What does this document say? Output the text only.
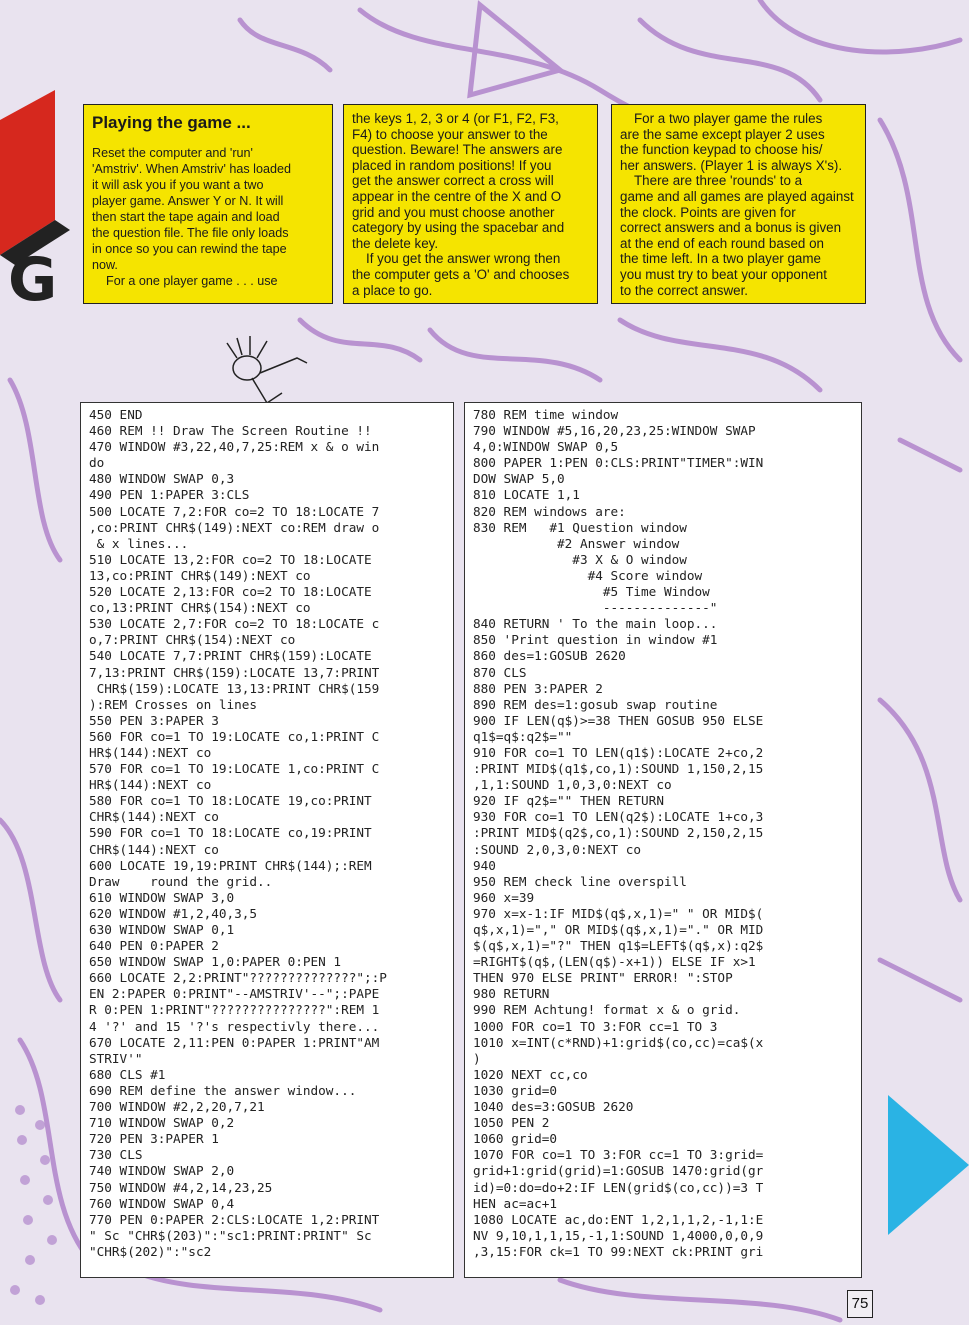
G

Playing the game ...

Reset the computer and 'run'

'Amstriv'. When Amstriv' has loaded

it will ask you if you want a two

player game. Answer Y or N. It will

then start the tape again and load

the question file. The file only loads

in once so you can rewind the tape

now.

For a one player game . . . use

the keys 1, 2, 3 or 4 (or F1, F2, F3,

F4) to choose your answer to the

question. Beware! The answers are

placed in random positions! If you

get the answer correct a cross will

appear in the centre of the X and O

grid and you must choose another

category by using the spacebar and

the delete key.

If you get the answer wrong then

the computer gets a 'O' and chooses

a place to go.

For a two player game the rules

are the same except player 2 uses

the function keypad to choose his/

her answers. (Player 1 is always X's).

There are three 'rounds' to a

game and all games are played against

the clock. Points are given for

correct answers and a bonus is given

at the end of each round based on

the time left. In a two player game

you must try to beat your opponent

to the correct answer.

450 END
460 REM !! Draw The Screen Routine !!
470 WINDOW #3,22,40,7,25:REM x & o win
do
480 WINDOW SWAP 0,3
490 PEN 1:PAPER 3:CLS
500 LOCATE 7,2:FOR co=2 TO 18:LOCATE 7
,co:PRINT CHR$(149):NEXT co:REM draw o
& x lines...
510 LOCATE 13,2:FOR co=2 TO 18:LOCATE
13,co:PRINT CHR$(149):NEXT co
520 LOCATE 2,13:FOR co=2 TO 18:LOCATE
co,13:PRINT CHR$(154):NEXT co
530 LOCATE 2,7:FOR co=2 TO 18:LOCATE c
o,7:PRINT CHR$(154):NEXT co
540 LOCATE 7,7:PRINT CHR$(159):LOCATE
7,13:PRINT CHR$(159):LOCATE 13,7:PRINT
CHR$(159):LOCATE 13,13:PRINT CHR$(159
):REM Crosses on lines
550 PEN 3:PAPER 3
560 FOR co=1 TO 19:LOCATE co,1:PRINT C
HR$(144):NEXT co
570 FOR co=1 TO 19:LOCATE 1,co:PRINT C
HR$(144):NEXT co
580 FOR co=1 TO 18:LOCATE 19,co:PRINT
CHR$(144):NEXT co
590 FOR co=1 TO 18:LOCATE co,19:PRINT
CHR$(144):NEXT co
600 LOCATE 19,19:PRINT CHR$(144);:REM
Draw    round the grid..
610 WINDOW SWAP 3,0
620 WINDOW #1,2,40,3,5
630 WINDOW SWAP 0,1
640 PEN 0:PAPER 2
650 WINDOW SWAP 1,0:PAPER 0:PEN 1
660 LOCATE 2,2:PRINT"??????????????";:P
EN 2:PAPER 0:PRINT"--AMSTRIV'--";:PAPE
R 0:PEN 1:PRINT"???????????????":REM 1
4 '?' and 15 '?'s respectivly there...
670 LOCATE 2,11:PEN 0:PAPER 1:PRINT"AM
STRIV'"
680 CLS #1
690 REM define the answer window...
700 WINDOW #2,2,20,7,21
710 WINDOW SWAP 0,2
720 PEN 3:PAPER 1
730 CLS
740 WINDOW SWAP 2,0
750 WINDOW #4,2,14,23,25
760 WINDOW SWAP 0,4
770 PEN 0:PAPER 2:CLS:LOCATE 1,2:PRINT
" Sc "CHR$(203)":"sc1:PRINT:PRINT" Sc
"CHR$(202)":"sc2
780 REM time window
790 WINDOW #5,16,20,23,25:WINDOW SWAP
4,0:WINDOW SWAP 0,5
800 PAPER 1:PEN 0:CLS:PRINT"TIMER":WIN
DOW SWAP 5,0
810 LOCATE 1,1
820 REM windows are:
830 REM   #1 Question window
#2 Answer window
#3 X & O window
#4 Score window
#5 Time Window
--------------"
840 RETURN ' To the main loop...
850 'Print question in window #1
860 des=1:GOSUB 2620
870 CLS
880 PEN 3:PAPER 2
890 REM des=1:gosub swap routine
900 IF LEN(q$)>=38 THEN GOSUB 950 ELSE
q1$=q$:q2$=""
910 FOR co=1 TO LEN(q1$):LOCATE 2+co,2
:PRINT MID$(q1$,co,1):SOUND 1,150,2,15
,1,1:SOUND 1,0,3,0:NEXT co
920 IF q2$="" THEN RETURN
930 FOR co=1 TO LEN(q2$):LOCATE 1+co,3
:PRINT MID$(q2$,co,1):SOUND 2,150,2,15
:SOUND 2,0,3,0:NEXT co
940
950 REM check line overspill
960 x=39
970 x=x-1:IF MID$(q$,x,1)=" " OR MID$(
q$,x,1)="," OR MID$(q$,x,1)="." OR MID
$(q$,x,1)="?" THEN q1$=LEFT$(q$,x):q2$
=RIGHT$(q$,(LEN(q$)-x+1)) ELSE IF x>1
THEN 970 ELSE PRINT" ERROR! ":STOP
980 RETURN
990 REM Achtung! format x & o grid.
1000 FOR co=1 TO 3:FOR cc=1 TO 3
1010 x=INT(c*RND)+1:grid$(co,cc)=ca$(x
)
1020 NEXT cc,co
1030 grid=0
1040 des=3:GOSUB 2620
1050 PEN 2
1060 grid=0
1070 FOR co=1 TO 3:FOR cc=1 TO 3:grid=
grid+1:grid(grid)=1:GOSUB 1470:grid(gr
id)=0:do=do+2:IF LEN(grid$(co,cc))=3 T
HEN ac=ac+1
1080 LOCATE ac,do:ENT 1,2,1,1,2,-1,1:E
NV 9,10,1,1,15,-1,1:SOUND 1,4000,0,0,9
,3,15:FOR ck=1 TO 99:NEXT ck:PRINT gri
75
